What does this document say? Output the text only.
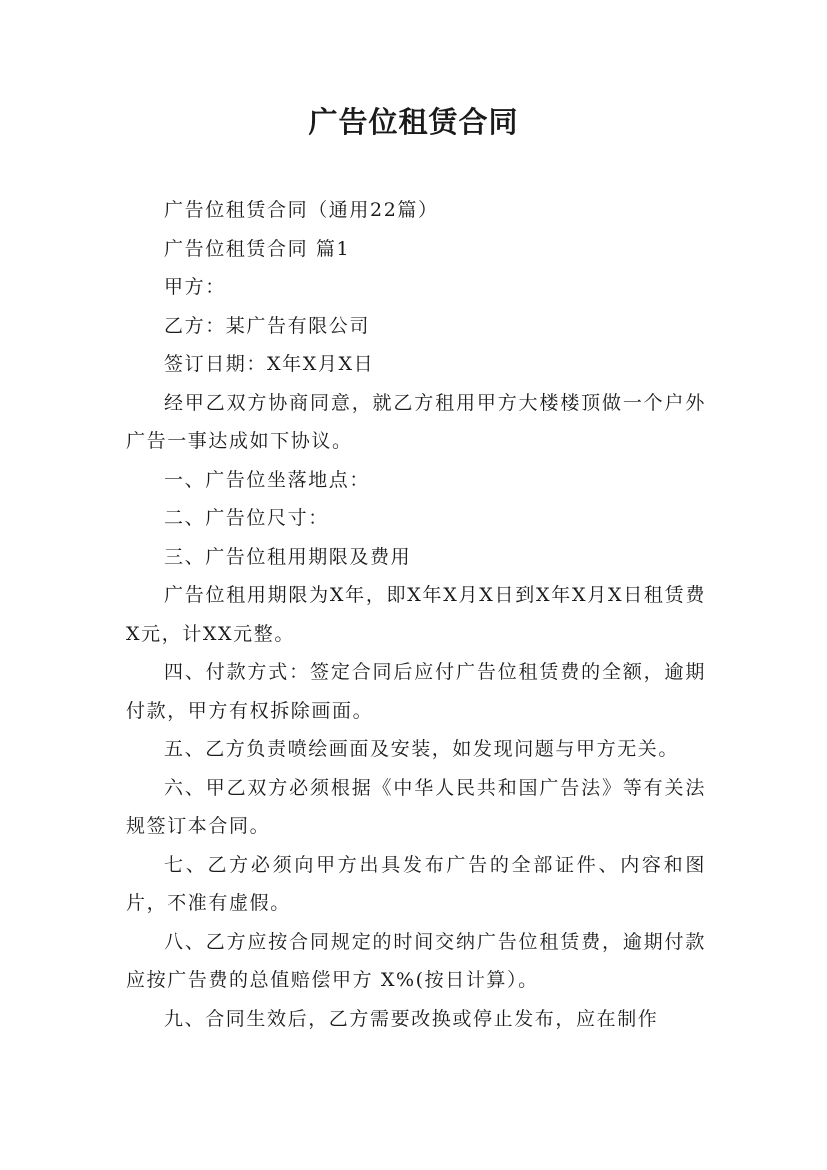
广告位租赁合同

广告位租赁合同（通用22篇）

广告位租赁合同 篇1

甲方：

乙方：某广告有限公司

签订日期：X年X月X日

经甲乙双方协商同意，就乙方租用甲方大楼楼顶做一个户外广告一事达成如下协议。

一、广告位坐落地点：

二、广告位尺寸：

三、广告位租用期限及费用

广告位租用期限为X年，即X年X月X日到X年X月X日租赁费X元，计XX元整。

四、付款方式：签定合同后应付广告位租赁费的全额，逾期付款，甲方有权拆除画面。

五、乙方负责喷绘画面及安装，如发现问题与甲方无关。

六、甲乙双方必须根据《中华人民共和国广告法》等有关法规签订本合同。

七、乙方必须向甲方出具发布广告的全部证件、内容和图片，不准有虚假。

八、乙方应按合同规定的时间交纳广告位租赁费，逾期付款应按广告费的总值赔偿甲方 X%(按日计算）。

九、合同生效后，乙方需要改换或停止发布，应在制作
